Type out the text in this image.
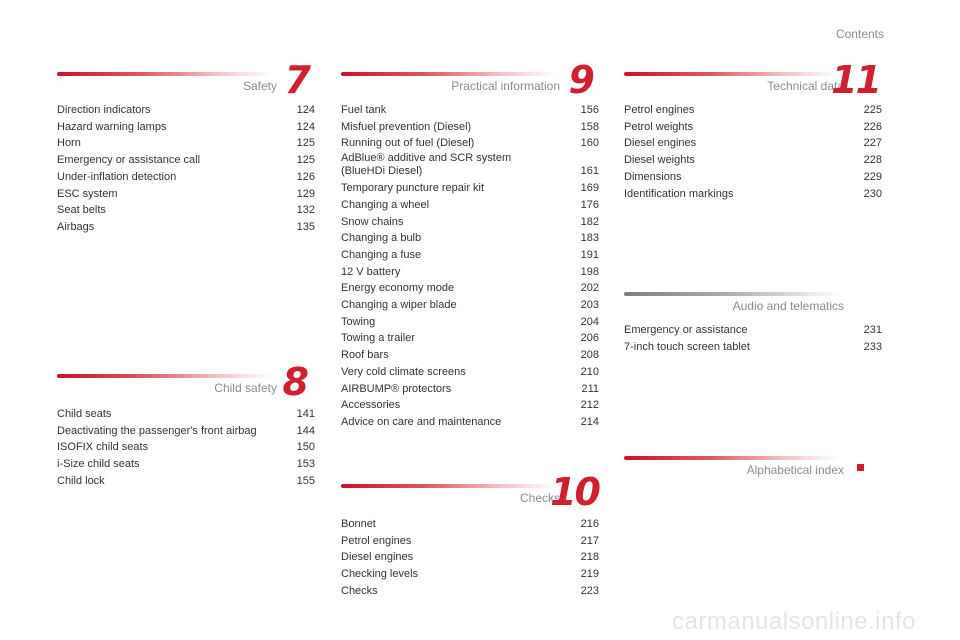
Contents
Safety 7
Direction indicators	124
Hazard warning lamps	124
Horn	125
Emergency or assistance call	125
Under-inflation detection	126
ESC system	129
Seat belts	132
Airbags	135
Child safety 8
Child seats	141
Deactivating the passenger's front airbag	144
ISOFIX child seats	150
i-Size child seats	153
Child lock	155
Practical information 9
Fuel tank	156
Misfuel prevention (Diesel)	158
Running out of fuel (Diesel)	160
AdBlue® additive and SCR system
(BlueHDi Diesel)	161
Temporary puncture repair kit	169
Changing a wheel	176
Snow chains	182
Changing a bulb	183
Changing a fuse	191
12 V battery	198
Energy economy mode	202
Changing a wiper blade	203
Towing	204
Towing a trailer	206
Roof bars	208
Very cold climate screens	210
AIRBUMP® protectors	211
Accessories	212
Advice on care and maintenance	214
Checks
10
Bonnet	216
Petrol engines	217
Diesel engines	218
Checking levels	219
Checks	223
Technical data
11
Petrol engines	225
Petrol weights	226
Diesel engines	227
Diesel weights	228
Dimensions	229
Identification markings	230
Audio and telematics
Emergency or assistance	231
7-inch touch screen tablet	233
Alphabetical index
carmanualsonline.info
